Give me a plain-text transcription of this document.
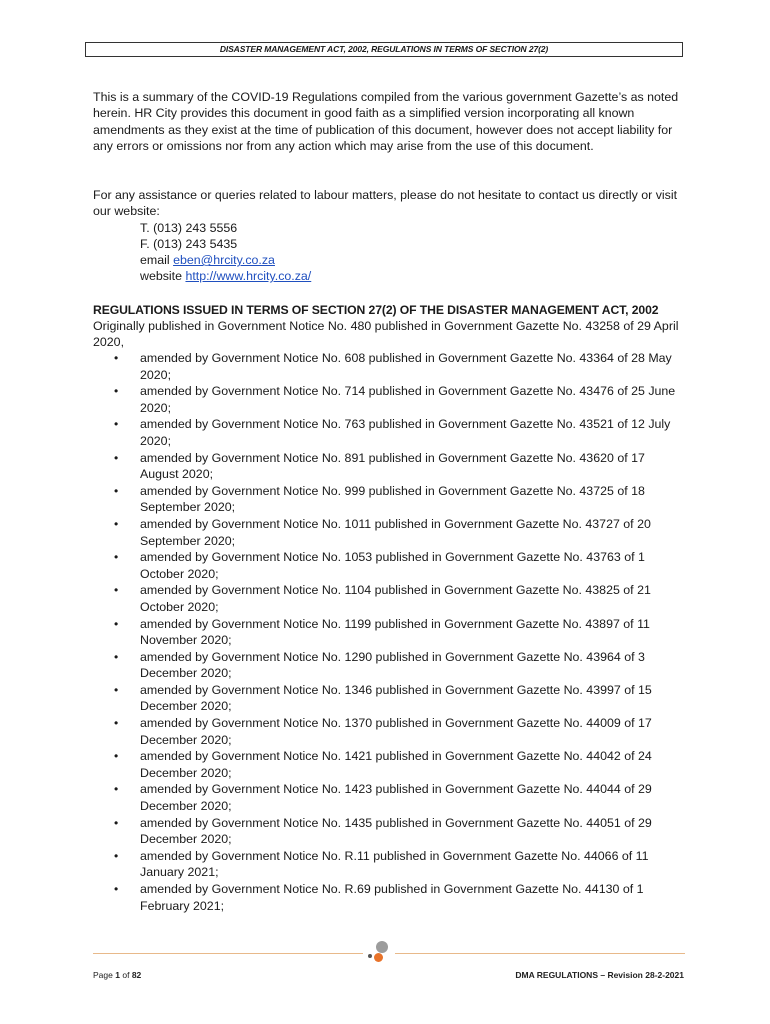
DISASTER MANAGEMENT ACT, 2002, REGULATIONS IN TERMS OF SECTION 27(2)
This is a summary of the COVID-19 Regulations compiled from the various government Gazette’s as noted herein. HR City provides this document in good faith as a simplified version incorporating all known amendments as they exist at the time of publication of this document, however does not accept liability for any errors or omissions nor from any action which may arise from the use of this document.
For any assistance or queries related to labour matters, please do not hesitate to contact us directly or visit our website:
T. (013) 243 5556
F. (013) 243 5435
email eben@hrcity.co.za
website http://www.hrcity.co.za/
REGULATIONS ISSUED IN TERMS OF SECTION 27(2) OF THE DISASTER MANAGEMENT ACT, 2002
Originally published in Government Notice No. 480 published in Government Gazette No. 43258 of 29 April 2020,
• amended by Government Notice No. 608 published in Government Gazette No. 43364 of 28 May 2020;
• amended by Government Notice No. 714 published in Government Gazette No. 43476 of 25 June 2020;
• amended by Government Notice No. 763 published in Government Gazette No. 43521 of 12 July 2020;
• amended by Government Notice No. 891 published in Government Gazette No. 43620 of 17 August 2020;
• amended by Government Notice No. 999 published in Government Gazette No. 43725 of 18 September 2020;
• amended by Government Notice No. 1011 published in Government Gazette No. 43727 of 20 September 2020;
• amended by Government Notice No. 1053 published in Government Gazette No. 43763 of 1 October 2020;
• amended by Government Notice No. 1104 published in Government Gazette No. 43825 of 21 October 2020;
• amended by Government Notice No. 1199 published in Government Gazette No. 43897 of 11 November 2020;
• amended by Government Notice No. 1290 published in Government Gazette No. 43964 of 3 December 2020;
• amended by Government Notice No. 1346 published in Government Gazette No. 43997 of 15 December 2020;
• amended by Government Notice No. 1370 published in Government Gazette No. 44009 of 17 December 2020;
• amended by Government Notice No. 1421 published in Government Gazette No. 44042 of 24 December 2020;
• amended by Government Notice No. 1423 published in Government Gazette No. 44044 of 29 December 2020;
• amended by Government Notice No. 1435 published in Government Gazette No. 44051 of 29 December 2020;
• amended by Government Notice No. R.11 published in Government Gazette No. 44066 of 11 January 2021;
• amended by Government Notice No. R.69 published in Government Gazette No. 44130 of 1 February 2021;
Page 1 of 82	DMA REGULATIONS – Revision 28-2-2021
